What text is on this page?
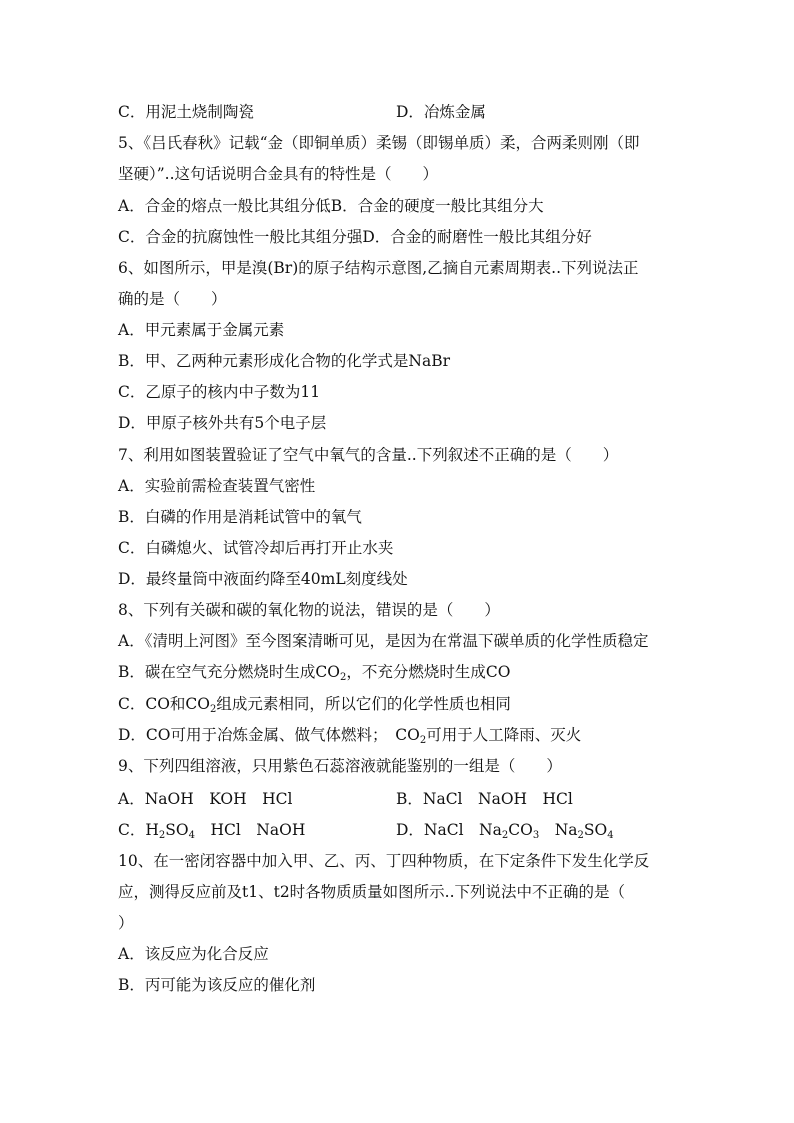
C．用泥土烧制陶瓷	D．冶炼金属
5、《吕氏春秋》记载“金（即铜单质）柔锡（即锡单质）柔，合两柔则刚（即
坚硬）”..这句话说明合金具有的特性是（　　）
A．合金的熔点一般比其组分低B．合金的硬度一般比其组分大
C．合金的抗腐蚀性一般比其组分强D．合金的耐磨性一般比其组分好
6、如图所示，甲是溴(Br)的原子结构示意图,乙摘自元素周期表..下列说法正
确的是（　　）
A．甲元素属于金属元素
B．甲、乙两种元素形成化合物的化学式是NaBr
C．乙原子的核内中子数为11
D．甲原子核外共有5个电子层
7、利用如图装置验证了空气中氧气的含量..下列叙述不正确的是（　　）
A．实验前需检查装置气密性
B．白磷的作用是消耗试管中的氧气
C．白磷熄火、试管冷却后再打开止水夹
D．最终量筒中液面约降至40mL刻度线处
8、下列有关碳和碳的氧化物的说法，错误的是（　　）
A．《清明上河图》至今图案清晰可见，是因为在常温下碳单质的化学性质稳定
B．碳在空气充分燃烧时生成$CO_2$，不充分燃烧时生成CO
C．CO和$CO_2$组成元素相同，所以它们的化学性质也相同
D．CO可用于冶炼金属、做气体燃料；　$CO_2$可用于人工降雨、灭火
9、下列四组溶液，只用紫色石蕊溶液就能鉴别的一组是（　　）
A．NaOH　KOH　HCl	B．NaCl　NaOH　HCl
C．$H_2SO_4$　HCl　NaOH	D．NaCl　$Na_2CO_3$　$Na_2SO_4$
10、在一密闭容器中加入甲、乙、丙、丁四种物质，在下定条件下发生化学反
应，测得反应前及t1、t2时各物质质量如图所示..下列说法中不正确的是（
）
A．该反应为化合反应
B．丙可能为该反应的催化剂
